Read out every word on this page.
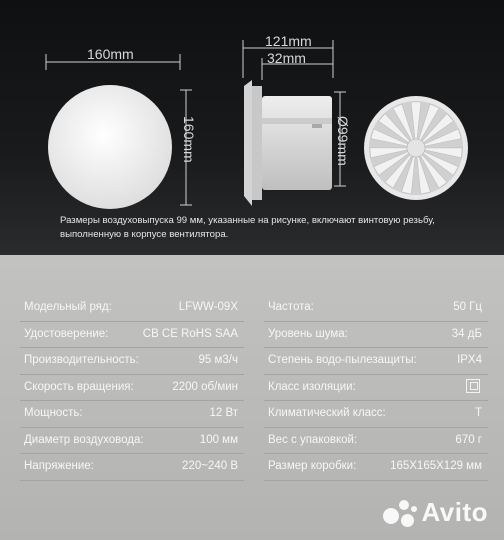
160mm
160mm
121mm
32mm
Ø99mm
Размеры воздуховыпуска 99 мм, указанные на рисунке, включают винтовую резьбу,
выполненную в корпусе вентилятора.
Модельный ряд:	LFWW-09X
Удостоверение:	CB CE RoHS SAA
Производительность:	95 м3/ч
Скорость вращения:	2200 об/мин
Мощность:	12 Вт
Диаметр воздуховода:	100 мм
Напряжение:	220~240 В
Частота:	50 Гц
Уровень шума:	34 дБ
Степень водо-пылезащиты:	IPX4
Класс изоляции:
Климатический класс:	T
Вес с упаковкой:	670 г
Размер коробки:	165X165X129 мм
Avito
